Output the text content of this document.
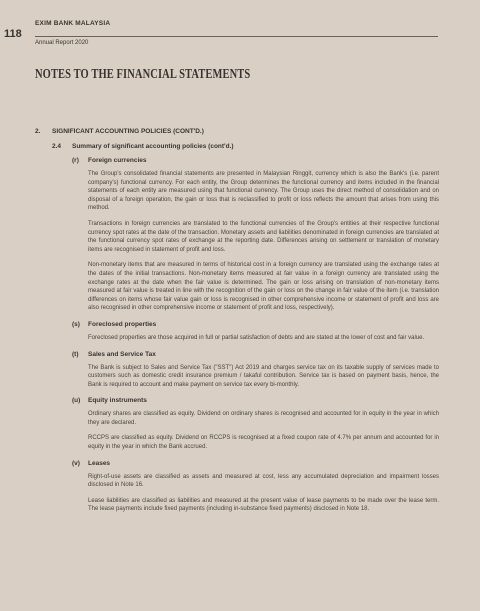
118
EXIM BANK MALAYSIA
Annual Report 2020
NOTES TO THE FINANCIAL STATEMENTS
2. SIGNIFICANT ACCOUNTING POLICIES (CONT'D.)
2.4 Summary of significant accounting policies (cont'd.)
(r)	Foreign currencies

The Group's consolidated financial statements are presented in Malaysian Ringgit, currency which is also the Bank's (i.e. parent company's) functional currency. For each entity, the Group determines the functional currency and items included in the financial statements of each entity are measured using that functional currency. The Group uses the direct method of consolidation and on disposal of a foreign operation, the gain or loss that is reclassified to profit or loss reflects the amount that arises from using this method.

Transactions in foreign currencies are translated to the functional currencies of the Group's entities at their respective functional currency spot rates at the date of the transaction. Monetary assets and liabilities denominated in foreign currencies are translated at the functional currency spot rates of exchange at the reporting date. Differences arising on settlement or translation of monetary items are recognised in statement of profit and loss.

Non-monetary items that are measured in terms of historical cost in a foreign currency are translated using the exchange rates at the dates of the initial transactions. Non-monetary items measured at fair value in a foreign currency are translated using the exchange rates at the date when the fair value is determined. The gain or loss arising on translation of non-monetary items measured at fair value is treated in line with the recognition of the gain or loss on the change in fair value of the item (i.e. translation differences on items whose fair value gain or loss is recognised in other comprehensive income or statement of profit and loss are also recognised in other comprehensive income or statement of profit and loss, respectively).

(s)	Foreclosed properties

Foreclosed properties are those acquired in full or partial satisfaction of debts and are stated at the lower of cost and fair value.

(t)	Sales and Service Tax

The Bank is subject to Sales and Service Tax ("SST") Act 2019 and charges service tax on its taxable supply of services made to customers such as domestic credit insurance premium / takaful contribution. Service tax is based on payment basis, hence, the Bank is required to account and make payment on service tax every bi-monthly.

(u)	Equity instruments

Ordinary shares are classified as equity. Dividend on ordinary shares is recognised and accounted for in equity in the year in which they are declared.

RCCPS are classified as equity. Dividend on RCCPS is recognised at a fixed coupon rate of 4.7% per annum and accounted for in equity in the year in which the Bank accrued.

(v)	Leases

Right-of-use assets are classified as assets and measured at cost, less any accumulated depreciation and impairment losses disclosed in Note 16.

Lease liabilities are classified as liabilities and measured at the present value of lease payments to be made over the lease term. The lease payments include fixed payments (including in-substance fixed payments) disclosed in Note 18.
